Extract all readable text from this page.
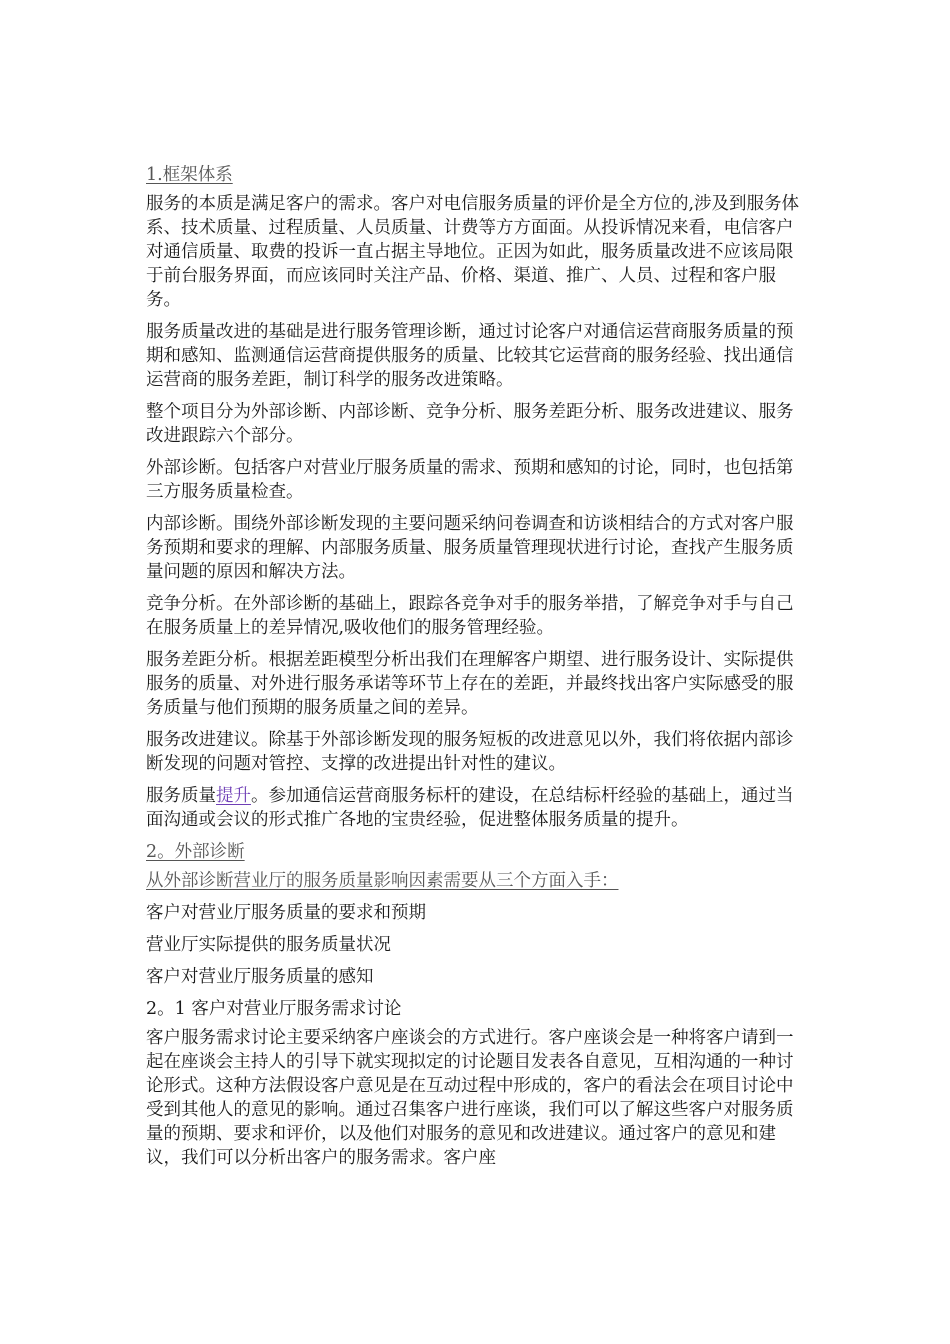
1.框架体系
服务的本质是满足客户的需求。客户对电信服务质量的评价是全方位的,涉及到服务体系、技术质量、过程质量、人员质量、计费等方方面面。从投诉情况来看，电信客户对通信质量、取费的投诉一直占据主导地位。正因为如此，服务质量改进不应该局限于前台服务界面，而应该同时关注产品、价格、渠道、推广、人员、过程和客户服务。
服务质量改进的基础是进行服务管理诊断，通过讨论客户对通信运营商服务质量的预期和感知、监测通信运营商提供服务的质量、比较其它运营商的服务经验、找出通信运营商的服务差距，制订科学的服务改进策略。
整个项目分为外部诊断、内部诊断、竞争分析、服务差距分析、服务改进建议、服务改进跟踪六个部分。
外部诊断。包括客户对营业厅服务质量的需求、预期和感知的讨论，同时，也包括第三方服务质量检查。
内部诊断。围绕外部诊断发现的主要问题采纳问卷调查和访谈相结合的方式对客户服务预期和要求的理解、内部服务质量、服务质量管理现状进行讨论，查找产生服务质量问题的原因和解决方法。
竞争分析。在外部诊断的基础上，跟踪各竞争对手的服务举措，了解竞争对手与自己在服务质量上的差异情况,吸收他们的服务管理经验。
服务差距分析。根据差距模型分析出我们在理解客户期望、进行服务设计、实际提供服务的质量、对外进行服务承诺等环节上存在的差距，并最终找出客户实际感受的服务质量与他们预期的服务质量之间的差异。
服务改进建议。除基于外部诊断发现的服务短板的改进意见以外，我们将依据内部诊断发现的问题对管控、支撑的改进提出针对性的建议。
服务质量提升。参加通信运营商服务标杆的建设，在总结标杆经验的基础上，通过当面沟通或会议的形式推广各地的宝贵经验，促进整体服务质量的提升。
2。外部诊断
从外部诊断营业厅的服务质量影响因素需要从三个方面入手：
客户对营业厅服务质量的要求和预期
营业厅实际提供的服务质量状况
客户对营业厅服务质量的感知
2。1 客户对营业厅服务需求讨论
客户服务需求讨论主要采纳客户座谈会的方式进行。客户座谈会是一种将客户请到一起在座谈会主持人的引导下就实现拟定的讨论题目发表各自意见，互相沟通的一种讨论形式。这种方法假设客户意见是在互动过程中形成的，客户的看法会在项目讨论中受到其他人的意见的影响。通过召集客户进行座谈，我们可以了解这些客户对服务质量的预期、要求和评价，以及他们对服务的意见和改进建议。通过客户的意见和建议，我们可以分析出客户的服务需求。客户座
